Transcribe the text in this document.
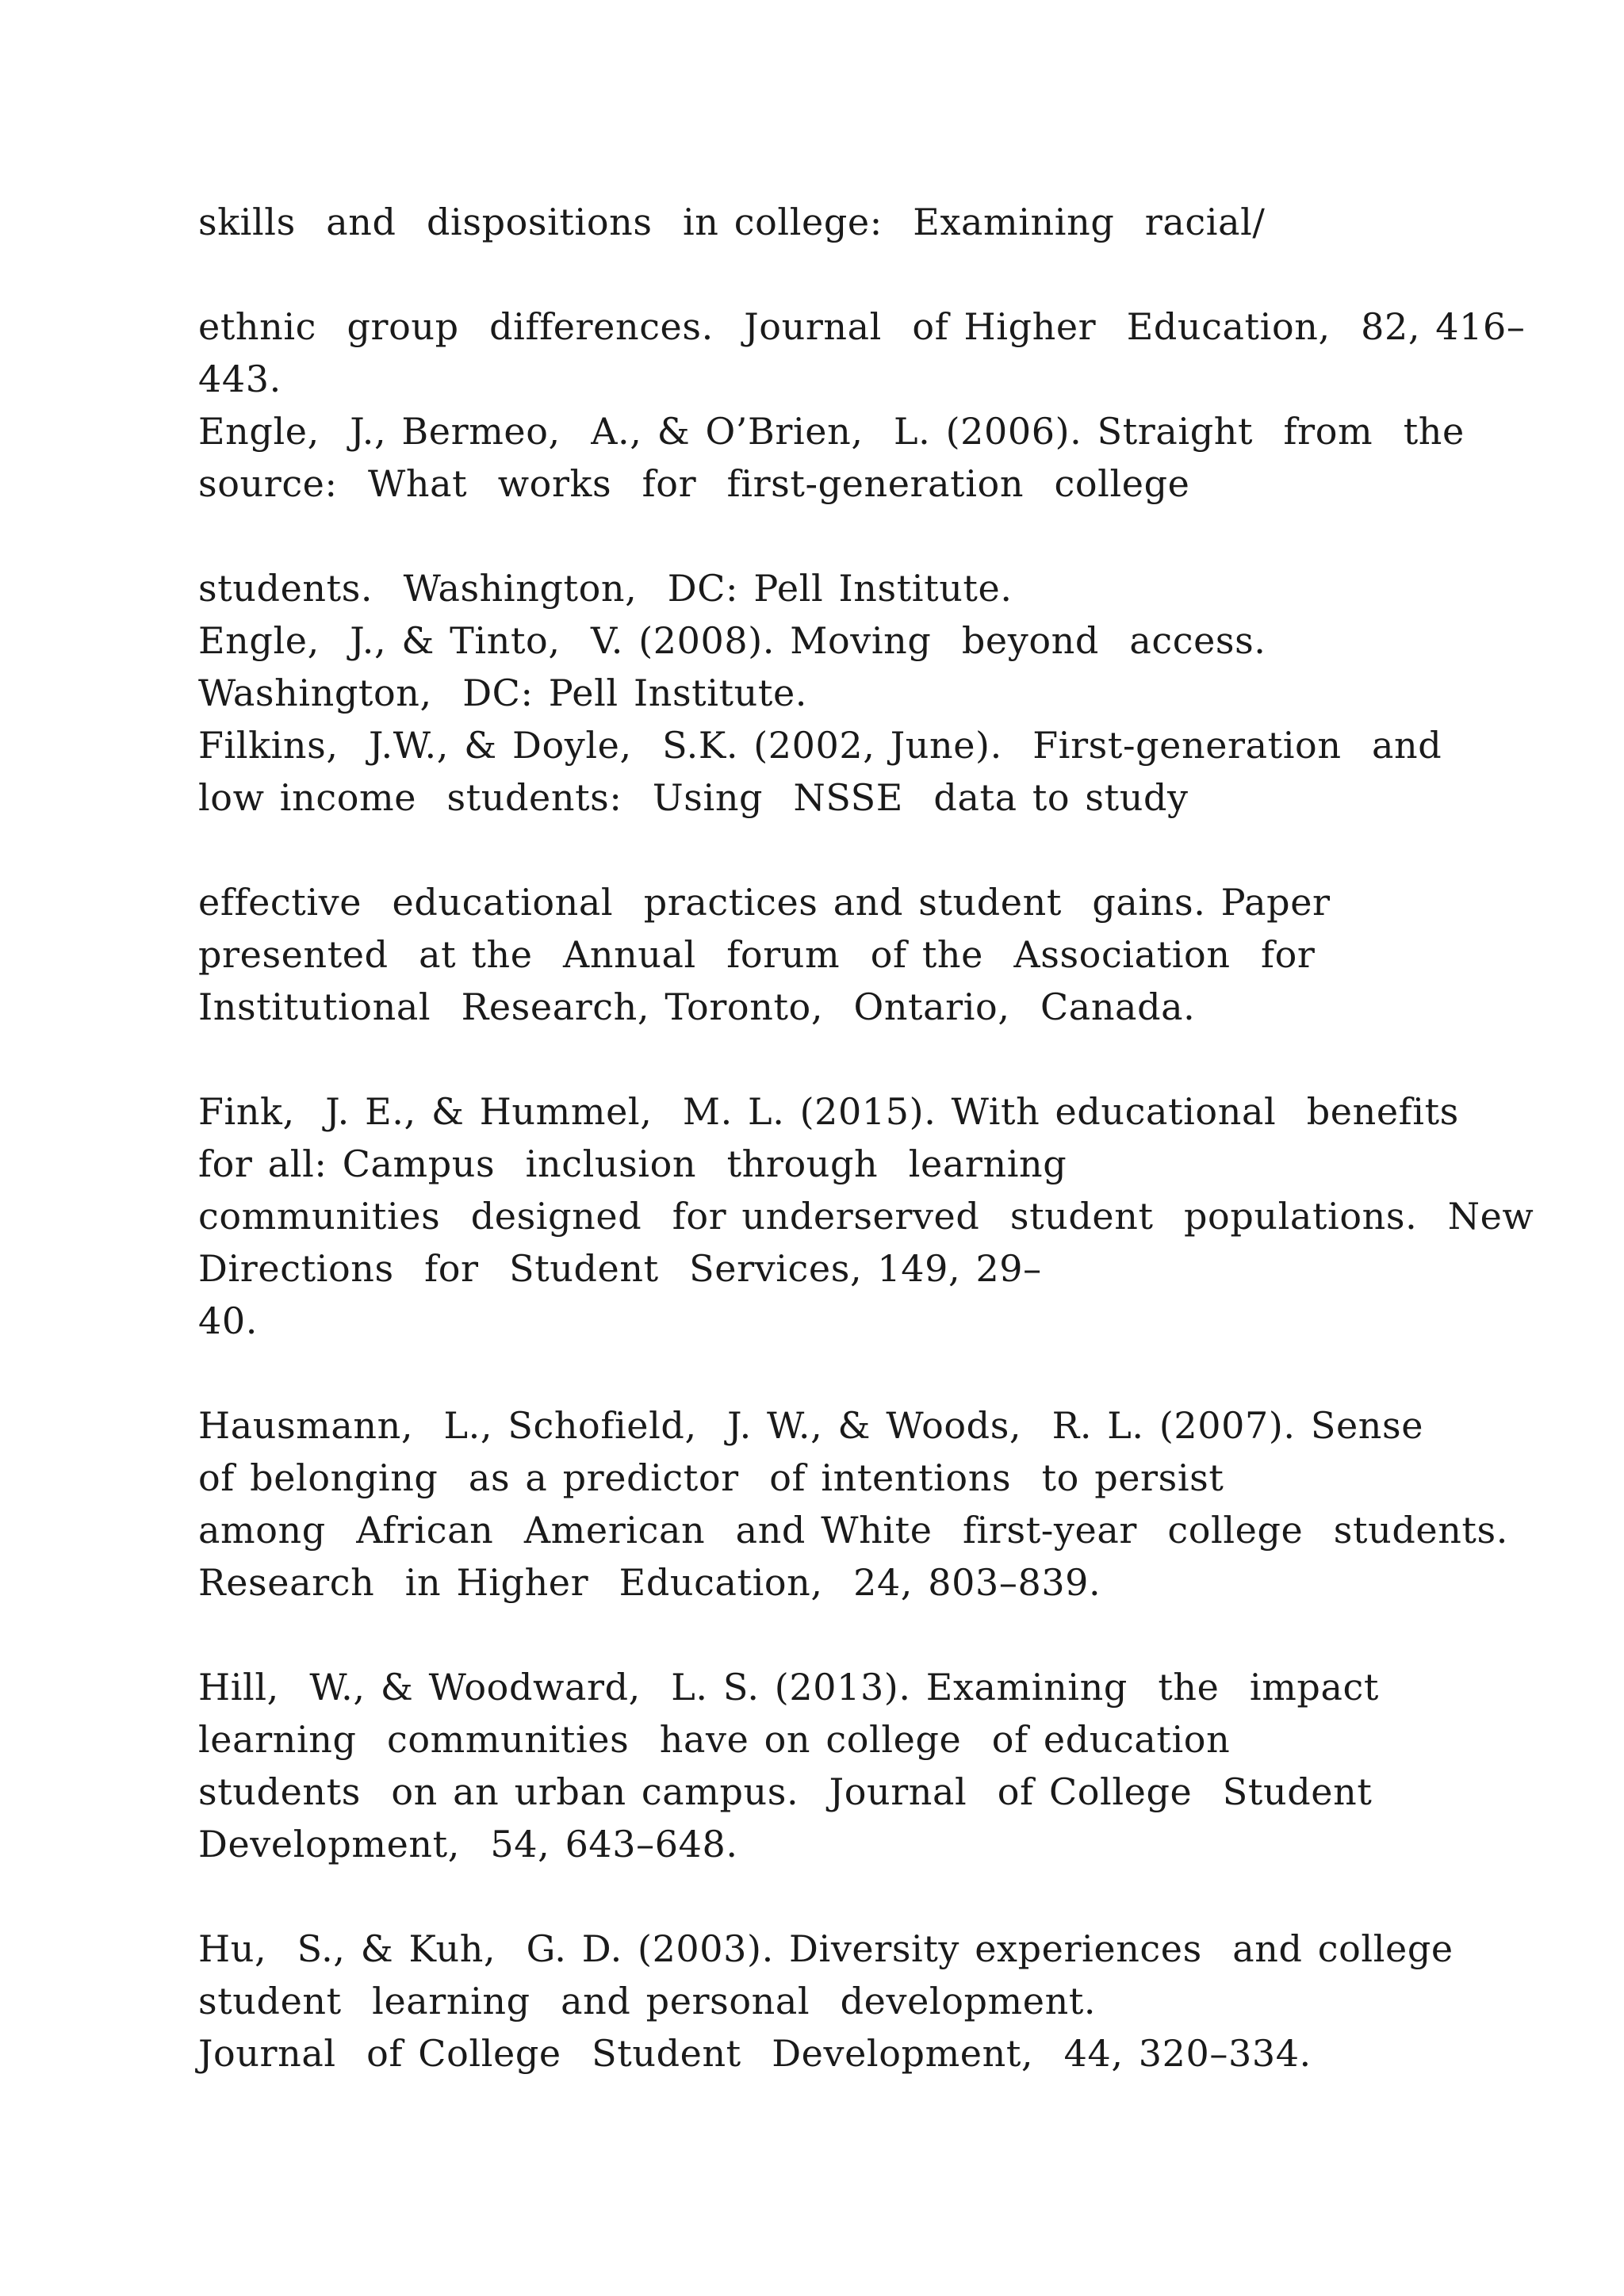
skills  and  dispositions  in college:  Examining  racial/

ethnic  group  differences.  Journal  of Higher  Education,  82, 416–

443.

Engle,  J., Bermeo,  A., & O’Brien,  L. (2006). Straight  from  the

source:  What  works  for  first-generation  college

students.  Washington,  DC: Pell Institute.

Engle,  J., & Tinto,  V. (2008). Moving  beyond  access.

Washington,  DC: Pell Institute.

Filkins,  J.W., & Doyle,  S.K. (2002, June).  First-generation  and

low income  students:  Using  NSSE  data to study

effective  educational  practices and student  gains. Paper

presented  at the  Annual  forum  of the  Association  for

Institutional  Research, Toronto,  Ontario,  Canada.

Fink,  J. E., & Hummel,  M. L. (2015). With educational  benefits

for all: Campus  inclusion  through  learning

communities  designed  for underserved  student  populations.  New

Directions  for  Student  Services, 149, 29–

40.

Hausmann,  L., Schofield,  J. W., & Woods,  R. L. (2007). Sense

of belonging  as a predictor  of intentions  to persist

among  African  American  and White  first-year  college  students.

Research  in Higher  Education,  24, 803–839.

Hill,  W., & Woodward,  L. S. (2013). Examining  the  impact

learning  communities  have on college  of education

students  on an urban campus.  Journal  of College  Student

Development,  54, 643–648.

Hu,  S., & Kuh,  G. D. (2003). Diversity experiences  and college

student  learning  and personal  development.

Journal  of College  Student  Development,  44, 320–334.
